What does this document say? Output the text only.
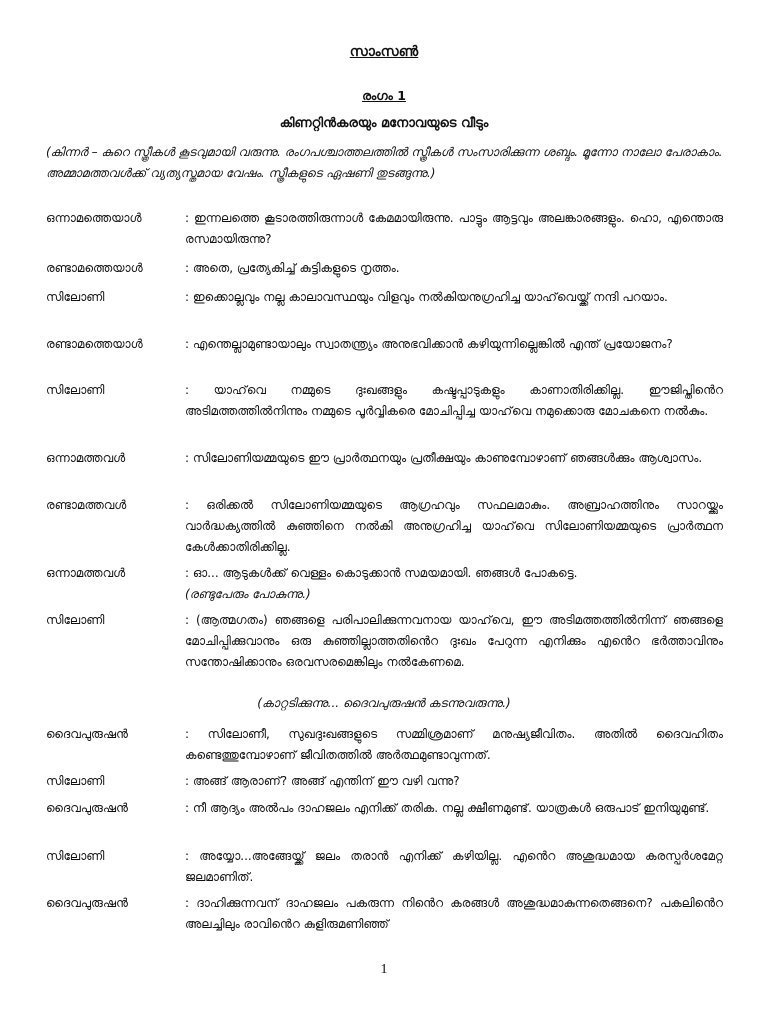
സാംസൺ
രംഗം 1
കിണറ്റിൻകരയും മനോവയുടെ വീടും
(കിന്നർ – കുറെ സ്ത്രീകൾ കൂടവുമായി വരുന്നു. രംഗപശ്ചാത്തലത്തിൽ സ്ത്രീകൾ സംസാരിക്കുന്ന ശബ്ദം. മൂന്നോ നാലോ പേരാകാം. അമ്മാമത്തവൾക്ക് വ്യത്യസ്തമായ വേഷം. സ്ത്രീകളുടെ ഏഷണി തുടങ്ങുന്നു.)
ഒന്നാമത്തെയാൾ	: ഇന്നലത്തെ കൂടാരത്തിരുന്നാൾ കേമമായിരുന്നു. പാട്ടും ആട്ടവും അലങ്കാരങ്ങളും. ഹൊ, എന്തൊരു രസമായിരുന്നു?
രണ്ടാമത്തെയാൾ	: അതെ, പ്രത്യേകിച്ച് കുട്ടികളുടെ നൃത്തം.
സിലോണി	: ഇക്കൊല്ലവും നല്ല കാലാവസ്ഥയും വിളവും നൽകിയനുഗ്രഹിച്ച യാഹ്‌വെയ്ക്ക് നന്ദി പറയാം.
രണ്ടാമത്തെയാൾ	: എന്തെല്ലാമുണ്ടായാലും സ്വാതന്ത്ര്യം അനുഭവിക്കാൻ കഴിയുന്നില്ലെങ്കിൽ എന്ത് പ്രയോജനം?
സിലോണി	: യാഹ്‌വെ നമ്മുടെ ദുഃഖങ്ങളും കഷ്ടപ്പാടുകളും കാണാതിരിക്കില്ല. ഈജിപ്തിൻെറ അടിമത്തത്തിൽനിന്നും നമ്മുടെ പൂർവ്വികരെ മോചിപ്പിച്ച യാഹ്‌വെ നമുക്കൊരു മോചകനെ നൽകും.
ഒന്നാമത്തവൾ	: സിലോണിയമ്മയുടെ ഈ പ്രാർത്ഥനയും പ്രതീക്ഷയും കാണുമ്പോഴാണ് ഞങ്ങൾക്കും ആശ്വാസം.
രണ്ടാമത്തവൾ	: ഒരിക്കൽ സിലോണിയമ്മയുടെ ആഗ്രഹവും സഫലമാകും. അബ്രാഹത്തിനും സാറയ്ക്കും വാർദ്ധക്യത്തിൽ കുഞ്ഞിനെ നൽകി അനുഗ്രഹിച്ച യാഹ്‌വെ സിലോണിയമ്മയുടെ പ്രാർത്ഥന കേൾക്കാതിരിക്കില്ല.
ഒന്നാമത്തവൾ	: ഓ... ആടുകൾക്ക് വെള്ളം കൊടുക്കാൻ സമയമായി. ഞങ്ങൾ പോകട്ടെ.
(രണ്ടുപേരും പോകുന്നു.)
സിലോണി	: (ആത്മഗതം) ഞങ്ങളെ പരിപാലിക്കുന്നവനായ യാഹ്‌വെ, ഈ അടിമത്തത്തിൽനിന്ന് ഞങ്ങളെ മോചിപ്പിക്കുവാനും ഒരു കുഞ്ഞില്ലാത്തതിൻെറ ദുഃഖം പേറുന്ന എനിക്കും എൻെറ ഭർത്താവിനും സന്തോഷിക്കാനും ഒരവസരമെങ്കിലും നൽകേണമെ.
(കാറ്റടിക്കുന്നു... ദൈവപുരുഷൻ കടന്നുവരുന്നു.)
ദൈവപുരുഷൻ	: സിലോണീ, സുഖദുഃഖങ്ങളുടെ സമ്മിശ്രമാണ് മനുഷ്യജീവിതം. അതിൽ ദൈവഹിതം കണ്ടെത്തുമ്പോഴാണ് ജീവിതത്തിൽ അർത്ഥമുണ്ടാവുന്നത്.
സിലോണി	: അങ്ങ് ആരാണ്? അങ്ങ് എന്തിന് ഈ വഴി വന്നു?
ദൈവപുരുഷൻ	: നീ ആദ്യം അൽപം ദാഹജലം എനിക്ക് തരിക. നല്ല ക്ഷീണമുണ്ട്. യാത്രകൾ ഒരുപാട് ഇനിയുമുണ്ട്.
സിലോണി	: അയ്യോ...അങ്ങേയ്ക്ക് ജലം തരാൻ എനിക്ക് കഴിയില്ല. എൻെറ അശുദ്ധമായ കരസ്പർശമേറ്റ ജലമാണിത്.
ദൈവപുരുഷൻ	: ദാഹിക്കുന്നവന് ദാഹജലം പകരുന്ന നിൻെറ കരങ്ങൾ അശുദ്ധമാകുന്നതെങ്ങനെ? പകലിൻെറ അലച്ചിലും രാവിൻെറ കുളിരുമണിഞ്ഞ്
1
